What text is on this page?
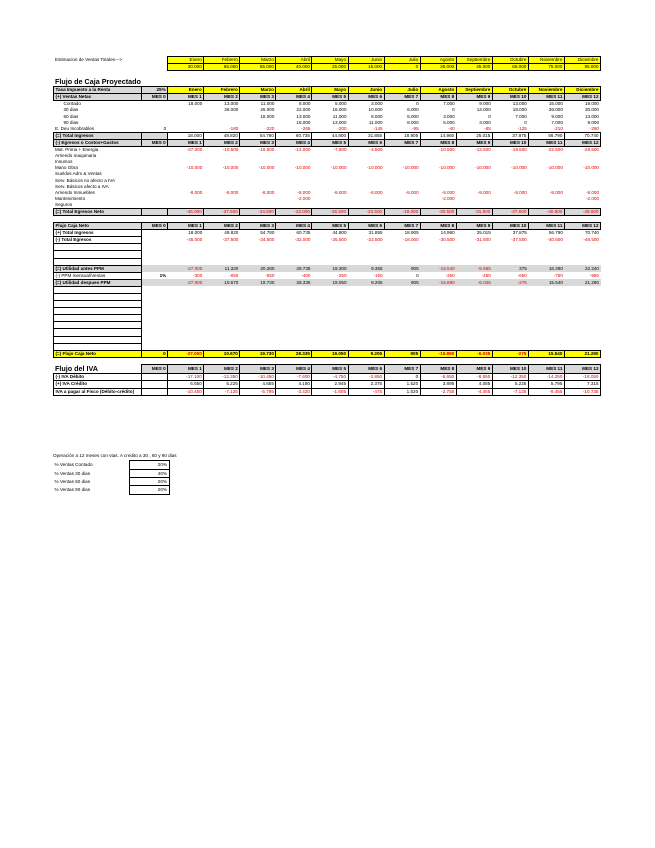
Estimacion de Ventas Totales--->		Enero	Febrero	Marzo	Abril	Mayo	Junio	Julio	Agosto	Septiembre	Octubre	Noviembre	Diciembre
		30.000	65.000	55.000	40.000	25.000	15.000	0	35.000	45.000	65.000	75.000	95.000

Flujo de Caja Proyectado													
Tasa Impuesto a la Renta	25%	Enero	Febrero	Marzo	Abril	Mayo	Junio	Julio	Agosto	Septiembre	Octubre	Noviembre	Diciembre
(+) Ventas Netas	MES 0	MES 1	MES 2	MES 3	MES 4	MES 5	MES 6	MES 7	MES 8	MES 9	MES 10	MES 11	MES 12
Contado		18.000	13.000	11.000	8.000	5.000	3.000	0	7.000	9.000	13.000	15.000	19.000
30 dias			36.000	26.000	22.000	16.000	10.000	6.000	0	14.000	18.000	26.000	30.000
60 dias				18.000	13.000	11.000	8.000	5.000	3.000	0	7.000	9.000	13.000
90 dias					18.000	13.000	11.000	8.000	5.000	3.000	0	7.000	9.000
E. Deu Incobrables	0		-180	-220	-265	-200	-145	-95	-40	-85	-125	-210	-260
(=) Total Ingresos		18.000	48.820	54.780	60.735	44.800	31.855	18.905	14.960	25.015	37.875	56.790	70.740
(-) Egresos o Costos+Gastos	MES 0	MES 1	MES 2	MES 3	MES 4	MES 5	MES 6	MES 7	MES 8	MES 9	MES 10	MES 11	MES 12
Mat. Prima + Energia		-27.000	-10.500	-16.500	-12.000	-7.500	-4.500		-10.500	-13.500	-19.500	-22.500	-28.500
Arriendo maquinaria													
Insumos													
Mano Obra		-10.000	-10.000	-10.000	-10.000	-10.000	-10.000	-10.000	-10.000	-10.000	-10.000	-10.000	-10.000
Sueldos Adm & Ventas													
Serv. Básicos no afecto a IVA													
Serv. Básicos afecto a IVA													
Arriendo Inmuebles		-8.000	-8.000	-8.000	-8.000	-8.000	-8.000	-8.000	-8.000	-8.000	-8.000	-8.000	-8.000
Mantenimiento					-2.000				-2.000				-2.000
Seguros													
(=) Total Egresos Neto		-45.000	-37.500	-34.500	-32.000	-25.500	-22.500	-18.000	-30.500	-31.500	-37.500	-40.500	-48.500

Flujo Caja Neto	MES 0	MES 1	MES 2	MES 3	MES 4	MES 5	MES 6	MES 7	MES 8	MES 9	MES 10	MES 11	MES 12
(+) Total Ingresos		18.000	48.820	54.780	60.735	44.800	31.855	18.905	14.960	25.015	37.875	56.790	70.740
(-) Total Egresos		-45.000	-37.500	-34.500	-32.000	-25.500	-22.500	-18.000	-30.500	-31.500	-37.500	-40.500	-48.500

(=) Utilidad antes PPM		-27.000	11.320	20.280	28.735	19.300	9.355	905	-15.540	-5.585	375	16.290	22.240
(-) PPM mensual/Ventas	1%	-300	-650	-550	-400	-250	-150	0	-350	-450	-650	-750	-950
(=) Utilidad despues PPM		-27.000	10.670	19.730	28.335	19.050	9.205	905	-15.890	-6.035	-275	15.540	21.290

(=) Flujo Caja Neto	0	-27.000	10.670	19.730	28.335	19.050	9.205	905	-15.890	-6.035	-275	15.540	21.290

Flujo del IVA	MES 0	MES 1	MES 2	MES 3	MES 4	MES 5	MES 6	MES 7	MES 8	MES 9	MES 10	MES 11	MES 12
(-) IVA Débito		-17.100	-12.350	-10.450	-7.600	-4.750	-2.850	0	-6.650	-8.550	-12.350	-14.250	-18.050
(+) IVA Crédito		6.650	5.225	4.655	4.180	2.945	2.375	1.520	3.895	4.085	5.225	5.795	7.315
IVA a pagar al Fisco (Débito-crédito)		-10.450	-7.125	-5.795	-3.420	-1.805	-475	1.520	-2.755	-4.465	-7.125	-8.455	-10.735
Operación a 12 meses con vtas. A credito a 30 , 60 y 90 dias
% Ventas Contado	20%
% Ventas 30 dias	40%
% Ventas 60 dias	20%
% Ventas 90 dias	20%
